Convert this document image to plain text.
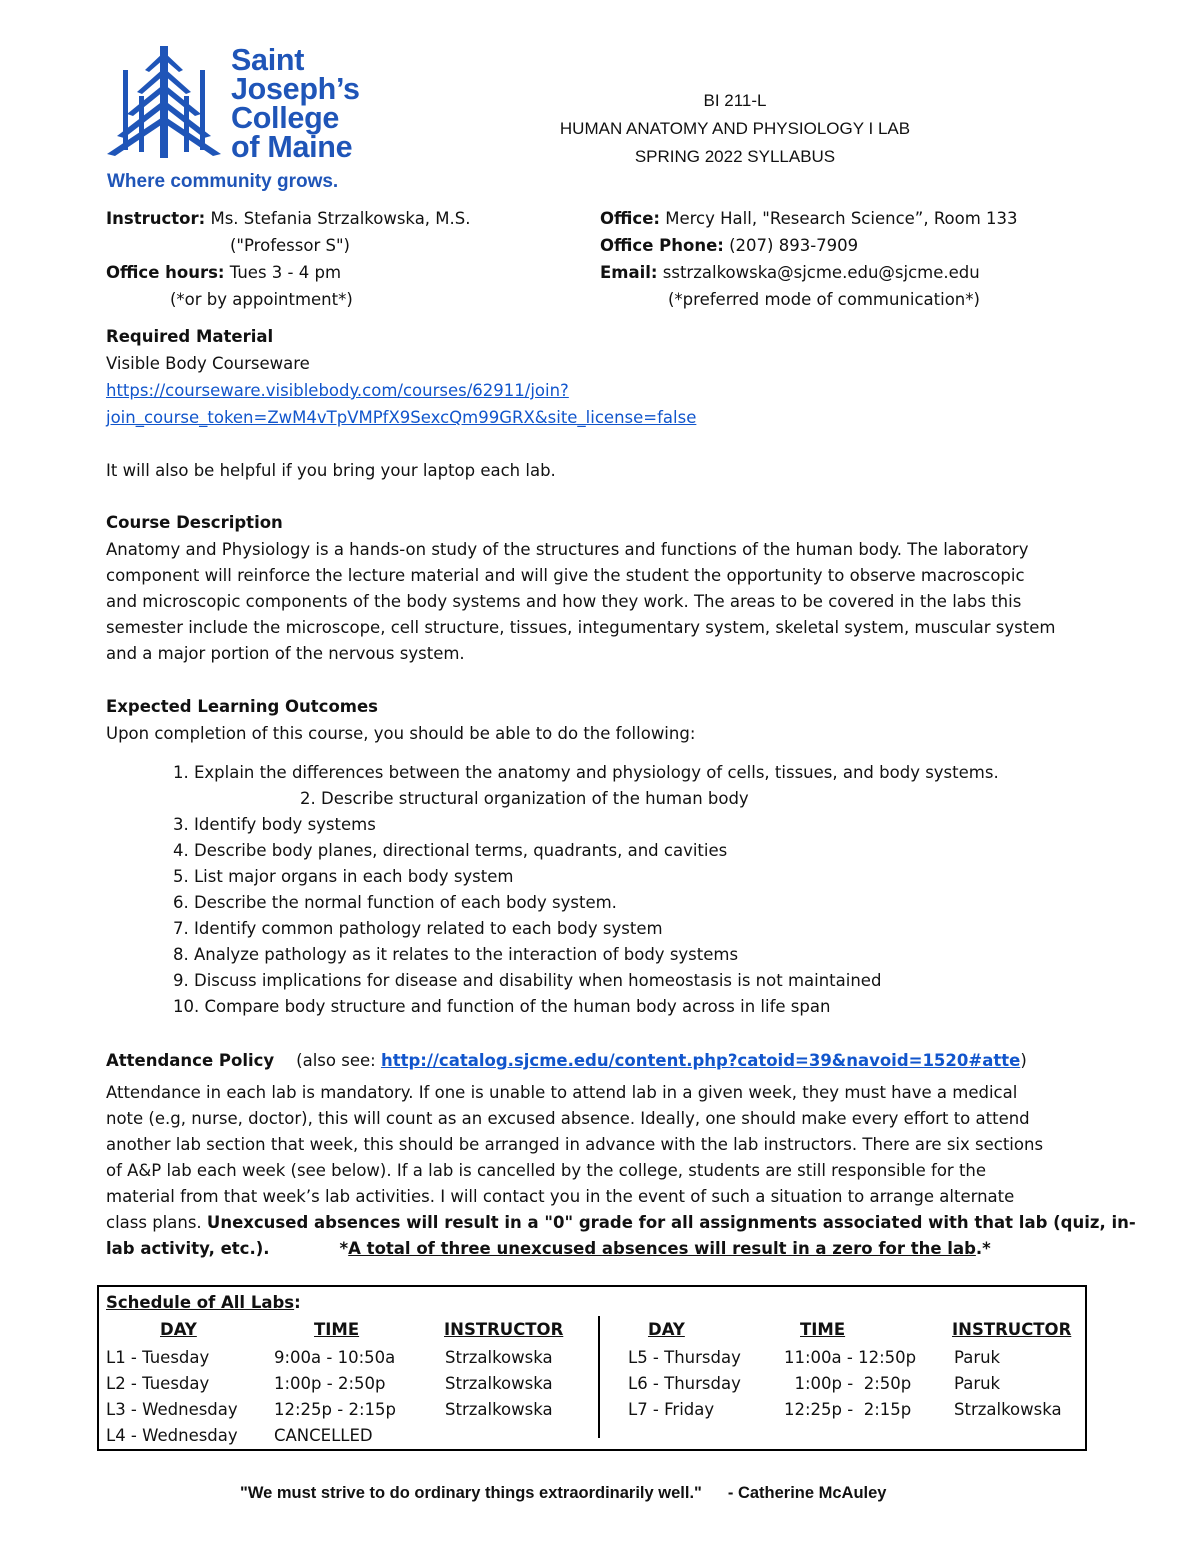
Saint
Joseph’s
College
of Maine
Where community grows.
BI 211-L
HUMAN ANATOMY AND PHYSIOLOGY I LAB
SPRING 2022 SYLLABUS
Instructor: Ms. Stefania Strzalkowska, M.S.
("Professor S")
Office hours: Tues 3 - 4 pm
(*or by appointment*)
Office: Mercy Hall, "Research Science”, Room 133
Office Phone: (207) 893-7909
Email: sstrzalkowska@sjcme.edu@sjcme.edu
(*preferred mode of communication*)
Required Material
Visible Body Courseware
https://courseware.visiblebody.com/courses/62911/join?
join_course_token=ZwM4vTpVMPfX9SexcQm99GRX&site_license=false
It will also be helpful if you bring your laptop each lab.
Course Description
Anatomy and Physiology is a hands-on study of the structures and functions of the human body. The laboratory
component will reinforce the lecture material and will give the student the opportunity to observe macroscopic
and microscopic components of the body systems and how they work. The areas to be covered in the labs this
semester include the microscope, cell structure, tissues, integumentary system, skeletal system, muscular system
and a major portion of the nervous system.
Expected Learning Outcomes
Upon completion of this course, you should be able to do the following:
1. Explain the differences between the anatomy and physiology of cells, tissues, and body systems.
2. Describe structural organization of the human body
3. Identify body systems
4. Describe body planes, directional terms, quadrants, and cavities
5. List major organs in each body system
6. Describe the normal function of each body system.
7. Identify common pathology related to each body system
8. Analyze pathology as it relates to the interaction of body systems
9. Discuss implications for disease and disability when homeostasis is not maintained
10. Compare body structure and function of the human body across in life span
Attendance Policy (also see: http://catalog.sjcme.edu/content.php?catoid=39&navoid=1520#atte)
Attendance in each lab is mandatory. If one is unable to attend lab in a given week, they must have a medical
note (e.g, nurse, doctor), this will count as an excused absence. Ideally, one should make every effort to attend
another lab section that week, this should be arranged in advance with the lab instructors. There are six sections
of A&P lab each week (see below). If a lab is cancelled by the college, students are still responsible for the
material from that week’s lab activities. I will contact you in the event of such a situation to arrange alternate
class plans. Unexcused absences will result in a "0" grade for all assignments associated with that lab (quiz, in-
lab activity, etc.).	*A total of three unexcused absences will result in a zero for the lab.*
Schedule of All Labs:
DAY	TIME	INSTRUCTOR	DAY	TIME	INSTRUCTOR
L1 - Tuesday	9:00a - 10:50a	Strzalkowska
L2 - Tuesday	1:00p - 2:50p	Strzalkowska
L3 - Wednesday 12:25p - 2:15p	Strzalkowska
L4 - Wednesday CANCELLED
L5 - Thursday	11:00a - 12:50p Paruk
L6 - Thursday	1:00p -  2:50p	Paruk
L7 - Friday	12:25p -  2:15p	Strzalkowska
"We must strive to do ordinary things extraordinarily well." - Catherine McAuley
